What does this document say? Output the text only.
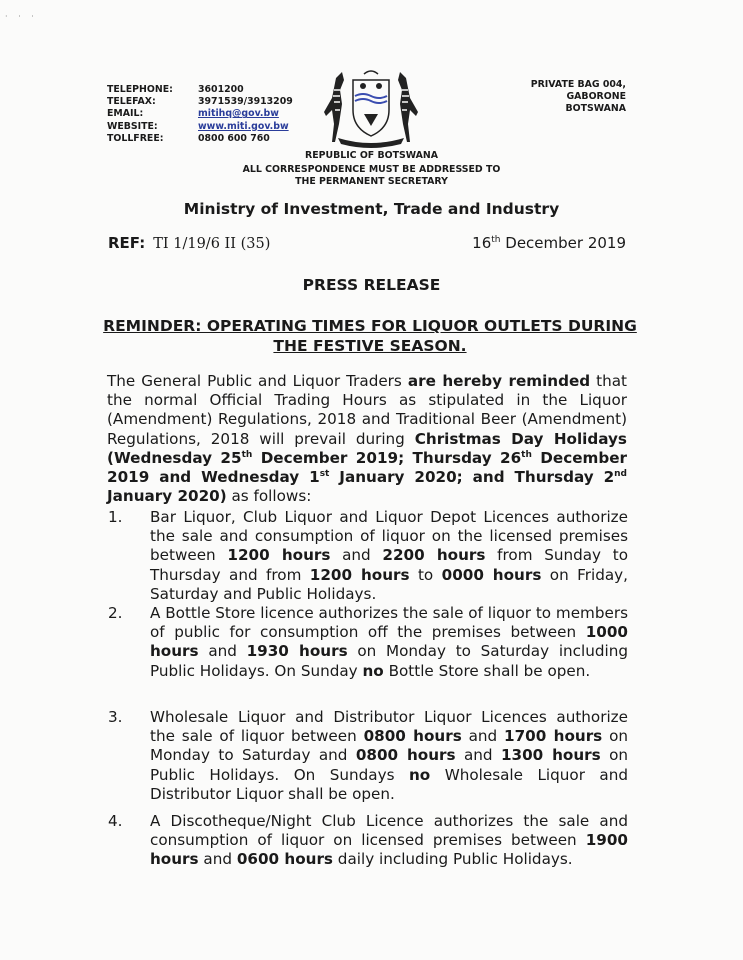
· · ·
TELEPHONE:	3601200
TELEFAX:	3971539/3913209
EMAIL:	mitihq@gov.bw
WEBSITE:	www.miti.gov.bw
TOLLFREE:	0800 600 760
PRIVATE BAG 004,
GABORONE
BOTSWANA
REPUBLIC OF BOTSWANA
ALL CORRESPONDENCE MUST BE ADDRESSED TO
THE PERMANENT SECRETARY
Ministry of Investment, Trade and Industry
REF: TI 1/19/6 II (35)	16th December 2019
PRESS RELEASE
REMINDER: OPERATING TIMES FOR LIQUOR OUTLETS DURING THE FESTIVE SEASON.
The General Public and Liquor Traders are hereby reminded that the normal Official Trading Hours as stipulated in the Liquor (Amendment) Regulations, 2018 and Traditional Beer (Amendment) Regulations, 2018 will prevail during Christmas Day Holidays (Wednesday 25th December 2019; Thursday 26th December 2019 and Wednesday 1st January 2020; and Thursday 2nd January 2020) as follows:
1. Bar Liquor, Club Liquor and Liquor Depot Licences authorize the sale and consumption of liquor on the licensed premises between 1200 hours and 2200 hours from Sunday to Thursday and from 1200 hours to 0000 hours on Friday, Saturday and Public Holidays.
2. A Bottle Store licence authorizes the sale of liquor to members of public for consumption off the premises between 1000 hours and 1930 hours on Monday to Saturday including Public Holidays. On Sunday no Bottle Store shall be open.
3. Wholesale Liquor and Distributor Liquor Licences authorize the sale of liquor between 0800 hours and 1700 hours on Monday to Saturday and 0800 hours and 1300 hours on Public Holidays. On Sundays no Wholesale Liquor and Distributor Liquor shall be open.
4. A Discotheque/Night Club Licence authorizes the sale and consumption of liquor on licensed premises between 1900 hours and 0600 hours daily including Public Holidays.
